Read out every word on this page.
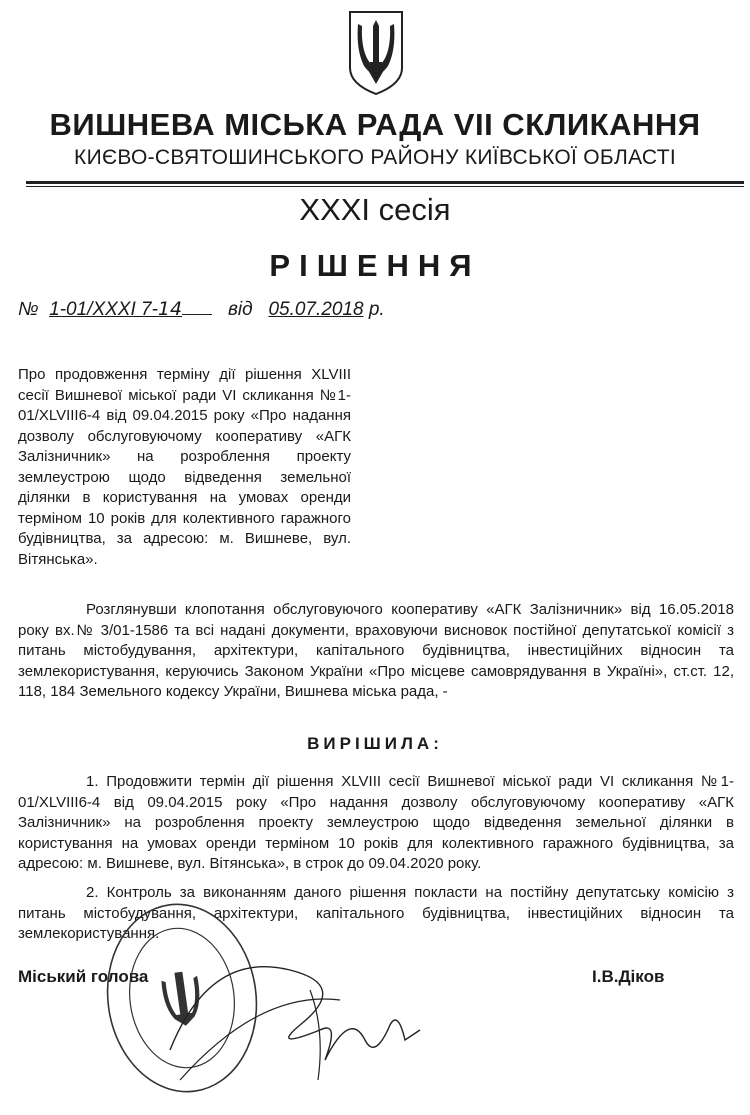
ВИШНЕВА МІСЬКА РАДА VII СКЛИКАННЯ
КИЄВО-СВЯТОШИНСЬКОГО РАЙОНУ КИЇВСЬКОЇ ОБЛАСТІ
XXXI сесія
РІШЕННЯ
№ 1-01/XXXI 7-14 від 05.07.2018 р.
Про продовження терміну дії рішення XLVIII сесії Вишневої міської ради VI скликання №1-01/XLVIII6-4 від 09.04.2015 року «Про надання дозволу обслуговуючому кооперативу «АГК Залізничник» на розроблення проекту землеустрою щодо відведення земельної ділянки в користування на умовах оренди терміном 10 років для колективного гаражного будівництва, за адресою: м. Вишневе, вул. Вітянська».

Розглянувши клопотання обслуговуючого кооперативу «АГК Залізничник» від 16.05.2018 року вх.№ 3/01-1586 та всі надані документи, враховуючи висновок постійної депутатської комісії з питань містобудування, архітектури, капітального будівництва, інвестиційних відносин та землекористування, керуючись Законом України «Про місцеве самоврядування в Україні», ст.ст. 12, 118, 184 Земельного кодексу України, Вишнева міська рада, -

ВИРІШИЛА:

1. Продовжити термін дії рішення XLVIII сесії Вишневої міської ради VI скликання №1-01/XLVIII6-4 від 09.04.2015 року «Про надання дозволу обслуговуючому кооперативу «АГК Залізничник» на розроблення проекту землеустрою щодо відведення земельної ділянки в користування на умовах оренди терміном 10 років для колективного гаражного будівництва, за адресою: м. Вишневе, вул. Вітянська», в строк до 09.04.2020 року.

2. Контроль за виконанням даного рішення покласти на постійну депутатську комісію з питань містобудування, архітектури, капітального будівництва, інвестиційних відносин та землекористування.

Міський голова	І.В.Діков
